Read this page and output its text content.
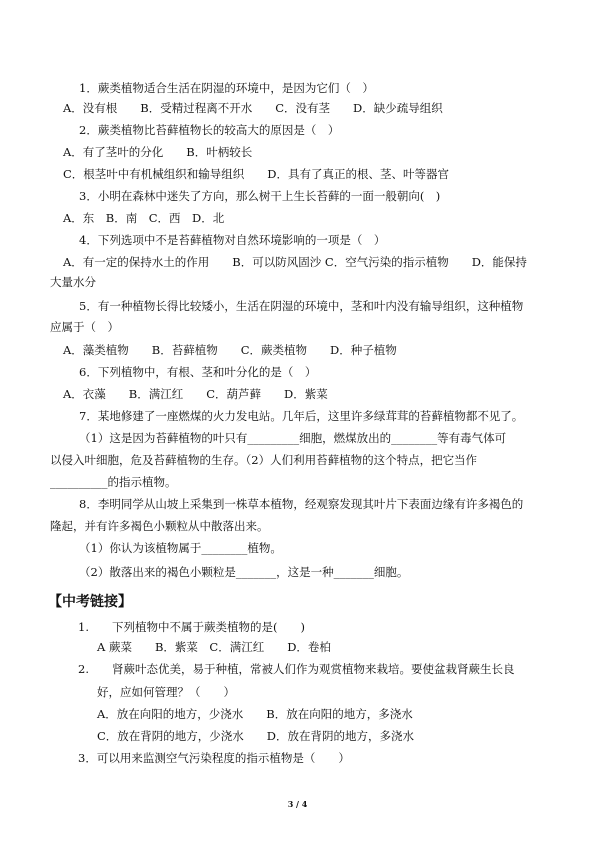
1．蕨类植物适合生活在阴湿的环境中，是因为它们（　）
A．没有根　　B．受精过程离不开水　　C．没有茎　　D．缺少疏导组织
2．蕨类植物比苔藓植物长的较高大的原因是（　）
A．有了茎叶的分化　　B．叶柄较长
C．根茎叶中有机械组织和输导组织　　D．具有了真正的根、茎、叶等器官
3．小明在森林中迷失了方向，那么树干上生长苔藓的一面一般朝向(　)
A．东　B．南　C．西　D．北
4．下列选项中不是苔藓植物对自然环境影响的一项是（　）
A．有一定的保持水土的作用　　B．可以防风固沙 C．空气污染的指示植物　　D．能保持
大量水分
5．有一种植物长得比较矮小，生活在阴湿的环境中，茎和叶内没有输导组织，这种植物
应属于（　）
A．藻类植物　　B．苔藓植物　　C．蕨类植物　　D．种子植物
6．下列植物中，有根、茎和叶分化的是（　）
A．衣藻　　B．满江红　　C．葫芦藓　　D．紫菜
7．某地修建了一座燃煤的火力发电站。几年后，这里许多绿茸茸的苔藓植物都不见了。
（1）这是因为苔藓植物的叶只有_________细胞，燃煤放出的________等有毒气体可
以侵入叶细胞，危及苔藓植物的生存。（2）人们利用苔藓植物的这个特点，把它当作
__________的指示植物。
8．李明同学从山坡上采集到一株草本植物，经观察发现其叶片下表面边缘有许多褐色的
隆起，并有许多褐色小颗粒从中散落出来。
（1）你认为该植物属于________植物。
（2）散落出来的褐色小颗粒是_______，这是一种_______细胞。
【中考链接】
1.　　下列植物中不属于蕨类植物的是(　　)
A 蕨菜　　B．紫菜　C．满江红　　D．卷柏
2.　　肾蕨叶态优美，易于种植，常被人们作为观赏植物来栽培。要使盆栽肾蕨生长良
好，应如何管理？（　　）
A．放在向阳的地方，少浇水　　B．放在向阳的地方，多浇水
C．放在背阴的地方，少浇水　　D．放在背阴的地方，多浇水
3．可以用来监测空气污染程度的指示植物是（　　）
3 / 4
